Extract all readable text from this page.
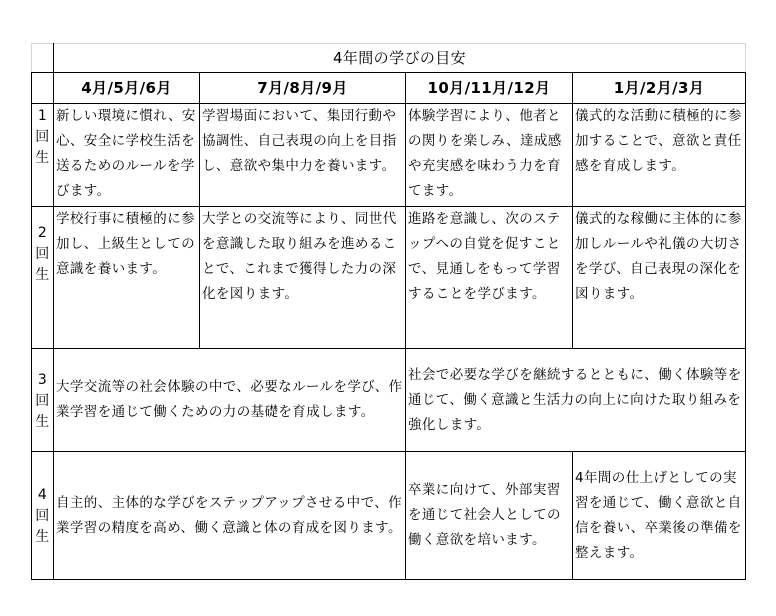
	4年間の学びの目安			
	4月/5月/6月	7月/8月/9月	10月/11月/12月	1月/2月/3月
1
回
生	新しい環境に慣れ、安心、安全に学校生活を送るためのルールを学びます。	学習場面において、集団行動や協調性、自己表現の向上を目指し、意欲や集中力を養います。	体験学習により、他者との関りを楽しみ、達成感や充実感を味わう力を育てます。	儀式的な活動に積極的に参加することで、意欲と責任感を育成します。
2
回
生	学校行事に積極的に参加し、上級生としての意識を養います。	大学との交流等により、同世代を意識した取り組みを進めることで、これまで獲得した力の深化を図ります。	進路を意識し、次のステップへの自覚を促すことで、見通しをもって学習することを学びます。	儀式的な稼働に主体的に参加しルールや礼儀の大切さを学び、自己表現の深化を図ります。
3
回
生	大学交流等の社会体験の中で、必要なルールを学び、作業学習を通じて働くための力の基礎を育成します。		社会で必要な学びを継続するとともに、働く体験等を通じて、働く意識と生活力の向上に向けた取り組みを強化します。	
4
回
生	自主的、主体的な学びをステップアップさせる中で、作業学習の精度を高め、働く意識と体の育成を図ります。		卒業に向けて、外部実習を通じて社会人としての働く意欲を培います。	4年間の仕上げとしての実習を通じて、働く意欲と自信を養い、卒業後の準備を整えます。
